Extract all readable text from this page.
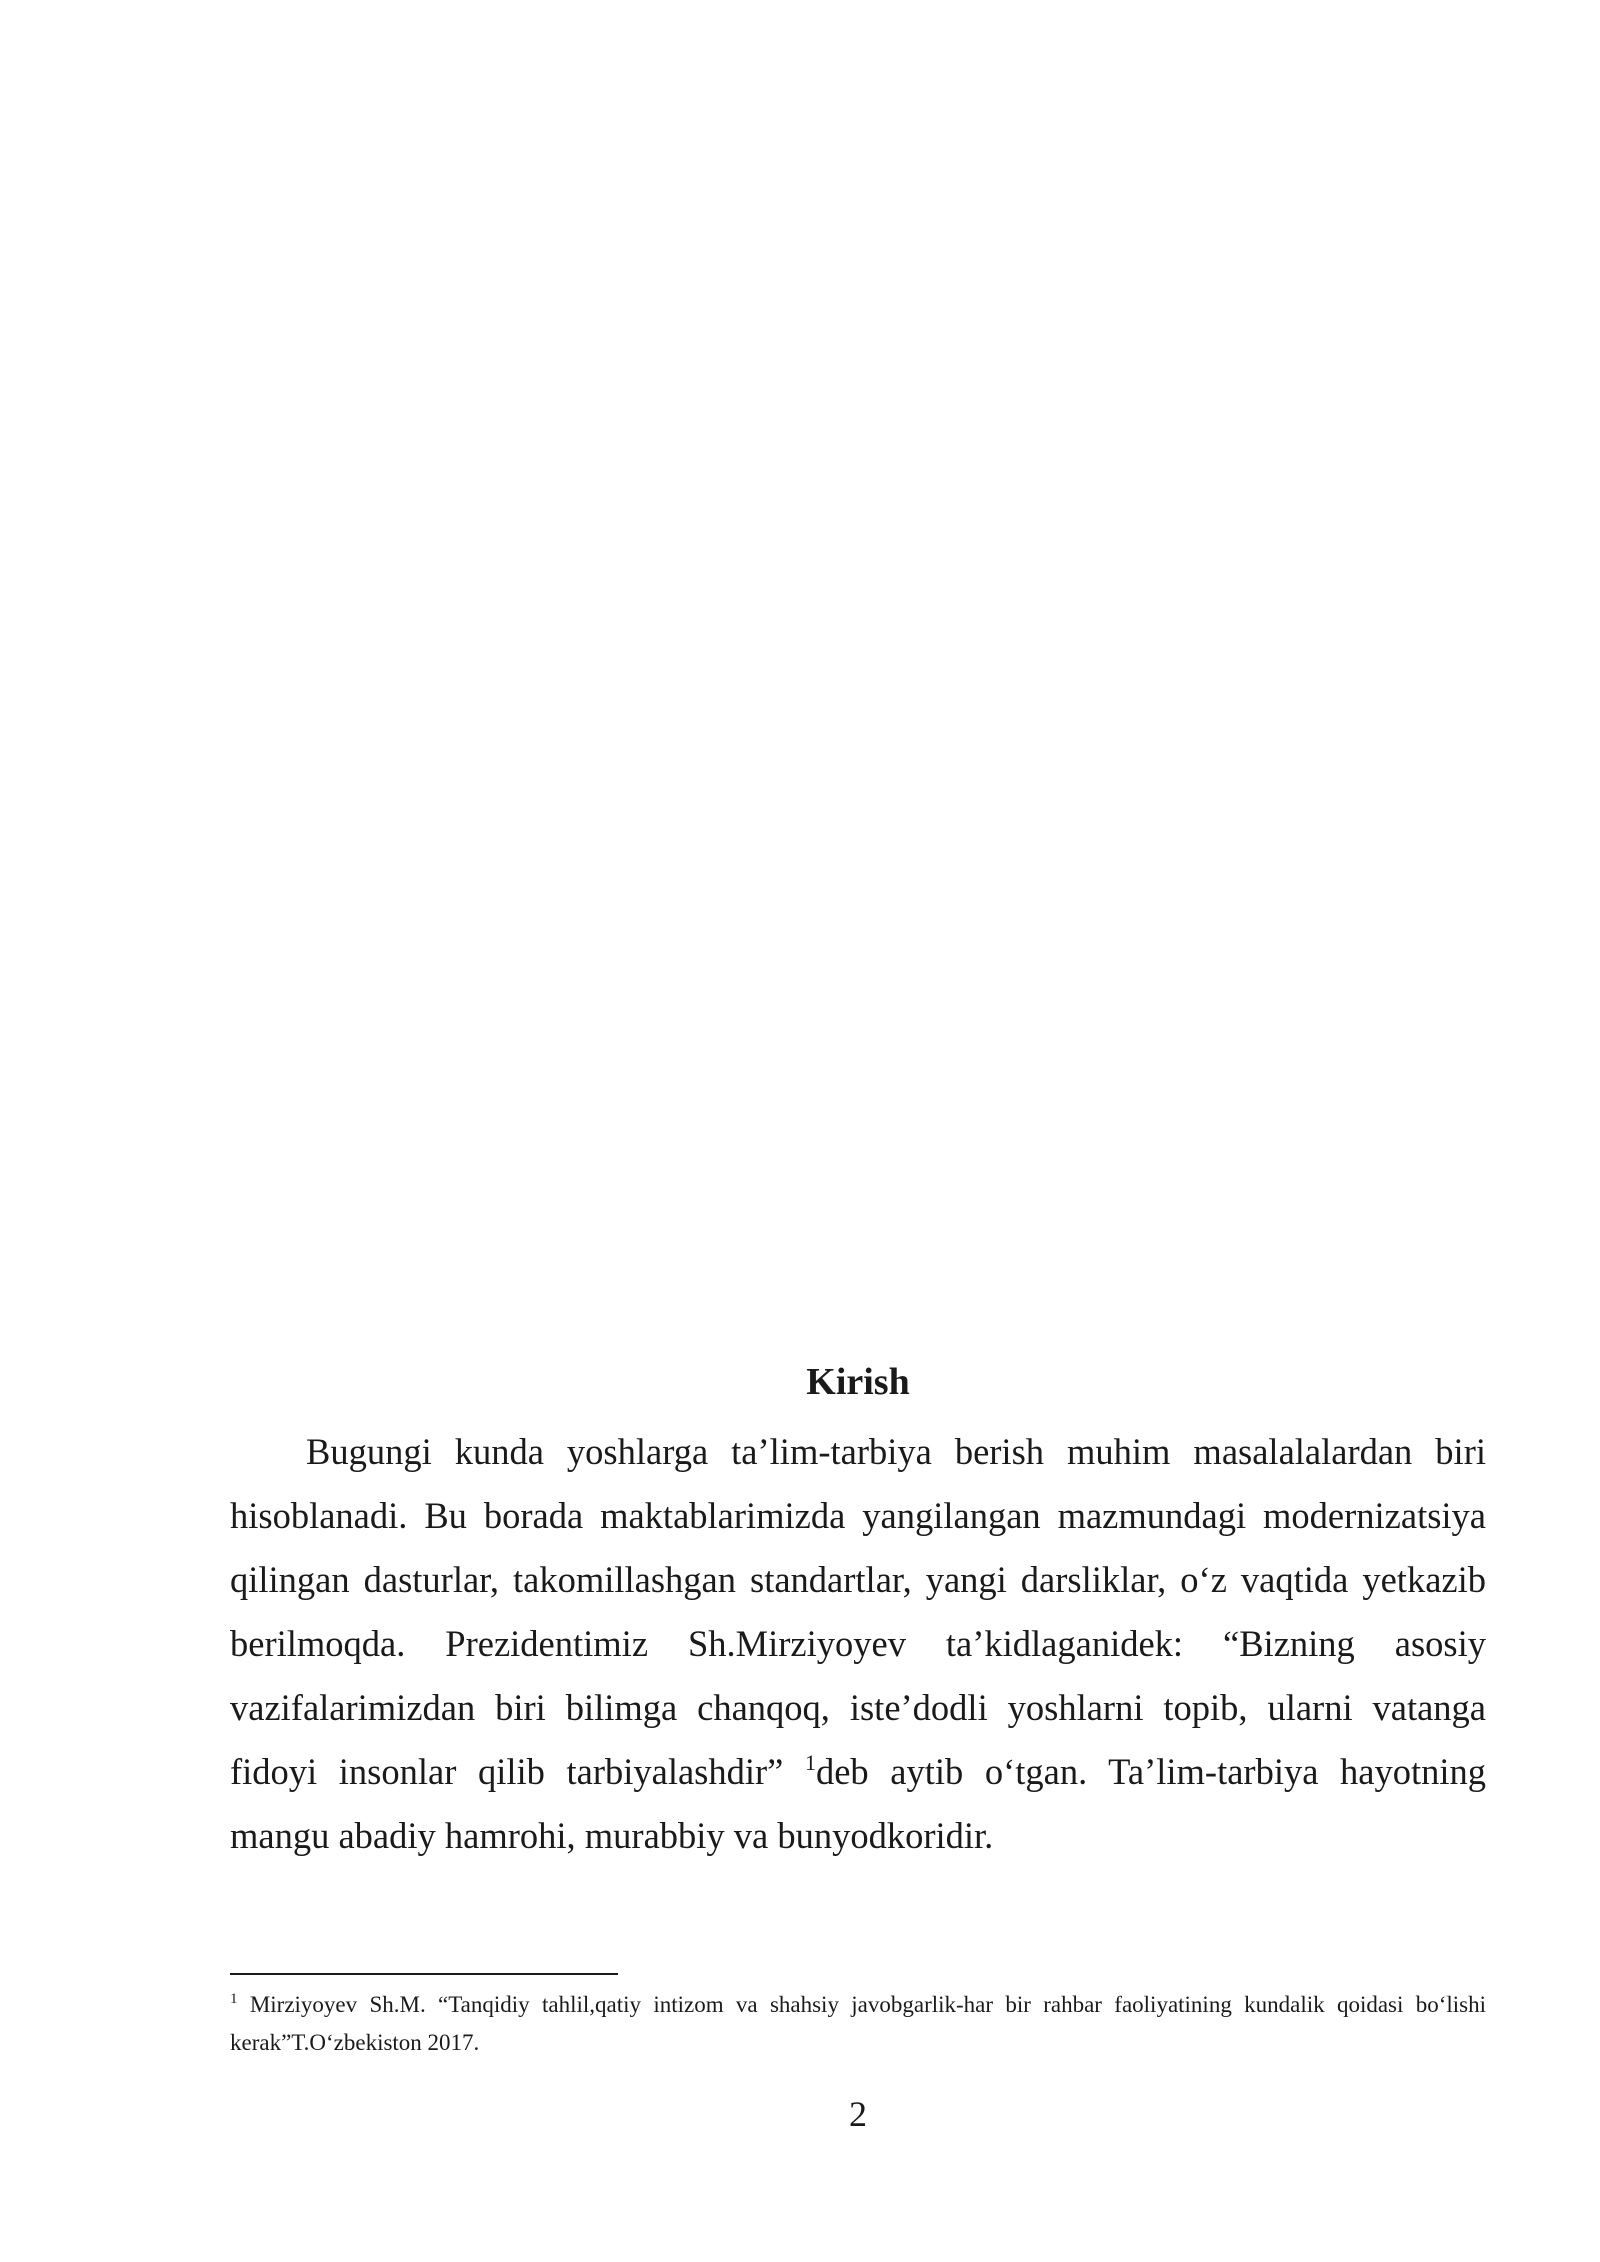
Kirish

Bugungi kunda yoshlarga ta’lim-tarbiya berish muhim masalalalardan biri hisoblanadi. Bu borada maktablarimizda yangilangan mazmundagi modernizatsiya qilingan dasturlar, takomillashgan standartlar, yangi darsliklar, o‘z vaqtida yetkazib berilmoqda. Prezidentimiz Sh.Mirziyoyev ta’kidlaganidek: “Bizning asosiy vazifalarimizdan biri bilimga chanqoq, iste’dodli yoshlarni topib, ularni vatanga fidoyi insonlar qilib tarbiyalashdir” $^1$deb aytib o‘tgan. Ta’lim-tarbiya hayotning mangu abadiy hamrohi, murabbiy va bunyodkoridir.

$^1$ Mirziyoyev Sh.M. “Tanqidiy tahlil,qatiy intizom va shahsiy javobgarlik-har bir rahbar faoliyatining kundalik qoidasi bo‘lishi kerak”T.O‘zbekiston 2017.

2
